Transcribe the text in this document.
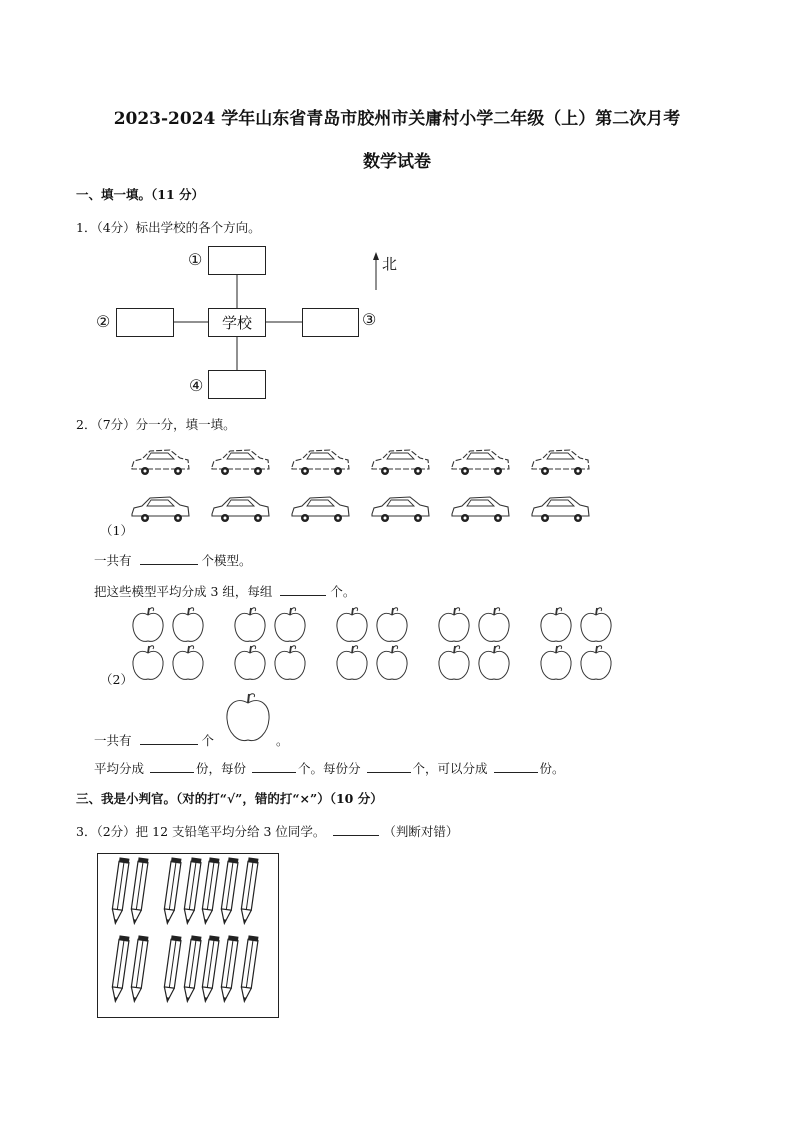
2023-2024 学年山东省青岛市胶州市关庸村小学二年级（上）第二次月考
数学试卷
一、填一填。（11 分）
1．（4分）标出学校的各个方向。
学校
①
②	③
④
北
2．（7分）分一分，填一填。
（1）
一共有	个模型。
把这些模型平均分成 3 组，每组	个。
（2）
一共有	个	。
平均分成	份，每份	个。每份分	个，可以分成	份。
三、我是小判官。（对的打“√”，错的打“×”）（10 分）
3．（2分）把 12 支铅笔平均分给 3 位同学。	（判断对错）
